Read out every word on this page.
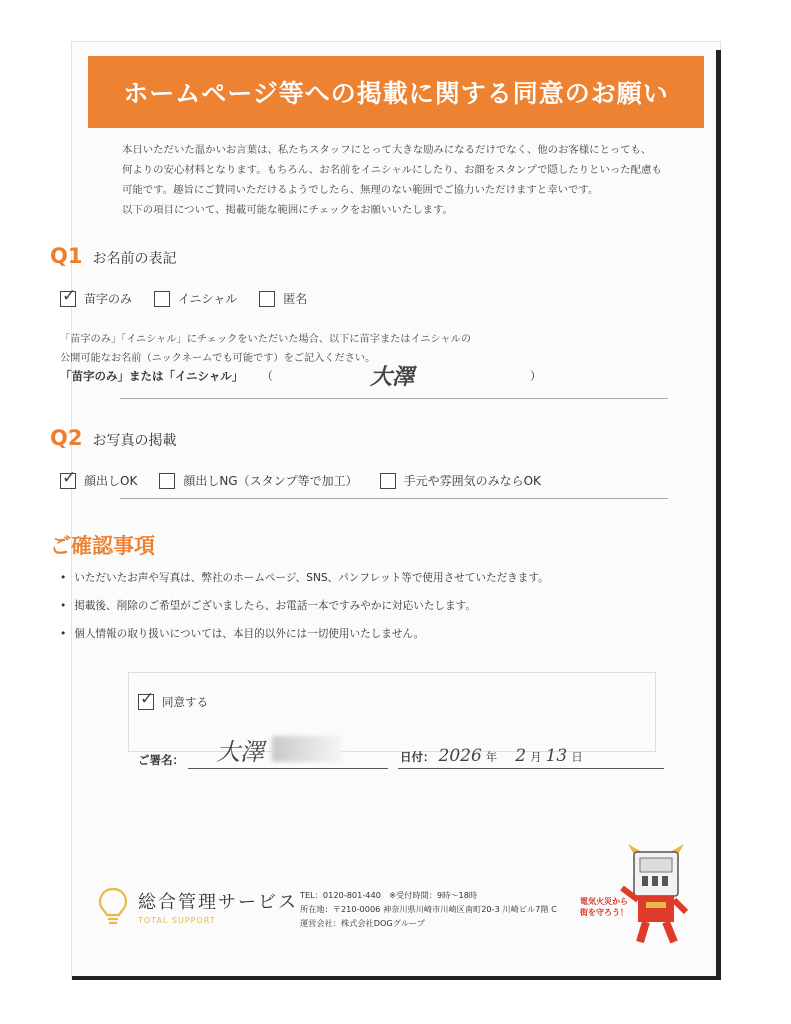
ホームページ等への掲載に関する同意のお願い
本日いただいた温かいお言葉は、私たちスタッフにとって大きな励みになるだけでなく、他のお客様にとっても、
何よりの安心材料となります。もちろん、お名前をイニシャルにしたり、お顔をスタンプで隠したりといった配慮も
可能です。趣旨にご賛同いただけるようでしたら、無理のない範囲でご協力いただけますと幸いです。
以下の項目について、掲載可能な範囲にチェックをお願いいたします。
Q1 お名前の表記
✓ 苗字のみ	イニシャル	匿名
「苗字のみ」「イニシャル」にチェックをいただいた場合、以下に苗字またはイニシャルの
公開可能なお名前（ニックネームでも可能です）をご記入ください。
「苗字のみ」または「イニシャル」 （	大澤	）
Q2 お写真の掲載
✓ 顔出しOK	顔出しNG（スタンプ等で加工）	手元や雰囲気のみならOK
ご確認事項
• いただいたお声や写真は、弊社のホームページ、SNS、パンフレット等で使用させていただきます。
• 掲載後、削除のご希望がございましたら、お電話一本ですみやかに対応いたします。
• 個人情報の取り扱いについては、本目的以外には一切使用いたしません。
✓ 同意する
ご署名： 大澤	日付： 2026 年 2 月 13 日
総合管理サービス
TOTAL SUPPORT
TEL：0120-801-440　※受付時間：9時～18時
所在地：〒210-0006 神奈川県川崎市川崎区南町20-3 川崎ビル7階 C
運営会社：株式会社DOGグループ
電気火災から
街を守ろう！
